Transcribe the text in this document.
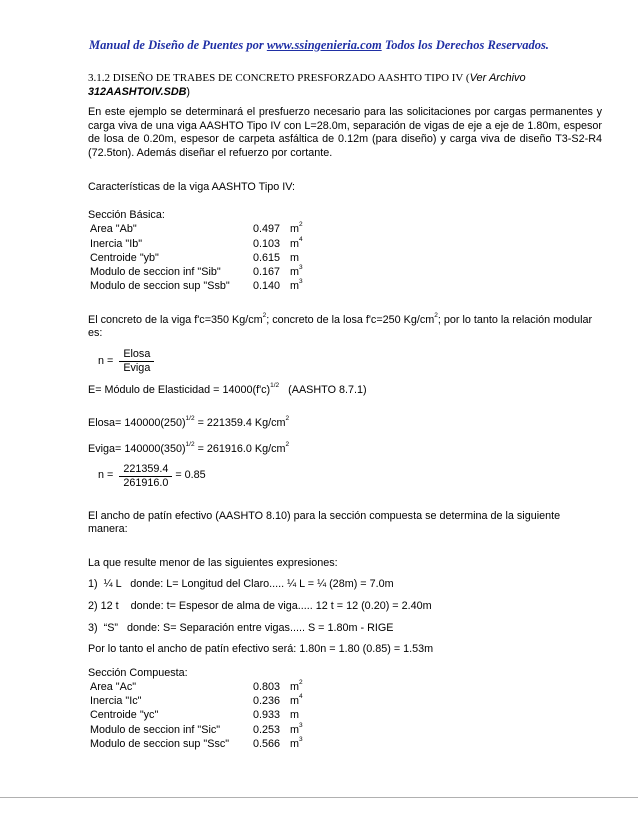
Manual de Diseño de Puentes por www.ssingenieria.com Todos los Derechos Reservados.

3.1.2 DISEÑO DE TRABES DE CONCRETO PRESFORZADO AASHTO TIPO IV (Ver Archivo

312AASHTOIV.SDB)

En este ejemplo se determinará el presfuerzo necesario para las solicitaciones por cargas permanentes y carga viva de una viga AASHTO Tipo IV con L=28.0m, separación de vigas de eje a eje de 1.80m, espesor de losa de 0.20m, espesor de carpeta asfáltica de 0.12m (para diseño) y carga viva de diseño T3-S2-R4 (72.5ton). Además diseñar el refuerzo por cortante.

Características de la viga AASHTO Tipo IV:

Sección Básica:

Area "Ab"	0.497	$m^2$
Inercia "Ib"	0.103	$m^4$
Centroide "yb"	0.615	m
Modulo de seccion inf "Sib"	0.167	$m^3$
Modulo de seccion sup "Ssb"	0.140	$m^3$

El concreto de la viga f'c=350 $Kg/cm^2$; concreto de la losa f'c=250 $Kg/cm^2$; por lo tanto la relación modular es:

$n = \frac{\text{Elosa}}{\text{Eviga}}$

E= Módulo de Elasticidad = $14000(f'c)^{1/2}$ (AASHTO 8.7.1)

Elosa= $140000(250)^{1/2} = 221359.4$ $Kg/cm^2$

Eviga= $140000(350)^{1/2} = 261916.0$ $Kg/cm^2$

$n = \frac{221359.4}{261916.0} = 0.85$

El ancho de patín efectivo (AASHTO 8.10) para la sección compuesta se determina de la siguiente manera:

La que resulte menor de las siguientes expresiones:

1)  ¼ L   donde: L= Longitud del Claro..... ¼ L = ¼ (28m) = 7.0m

2) 12 t    donde: t= Espesor de alma de viga..... 12 t = 12 (0.20) = 2.40m

3)  “S”   donde: S= Separación entre vigas..... S = 1.80m - RIGE

Por lo tanto el ancho de patín efectivo será: 1.80n = 1.80 (0.85) = 1.53m

Sección Compuesta:

Area "Ac"	0.803	$m^2$
Inercia "Ic"	0.236	$m^4$
Centroide "yc"	0.933	m
Modulo de seccion inf "Sic"	0.253	$m^3$
Modulo de seccion sup "Ssc"	0.566	$m^3$
